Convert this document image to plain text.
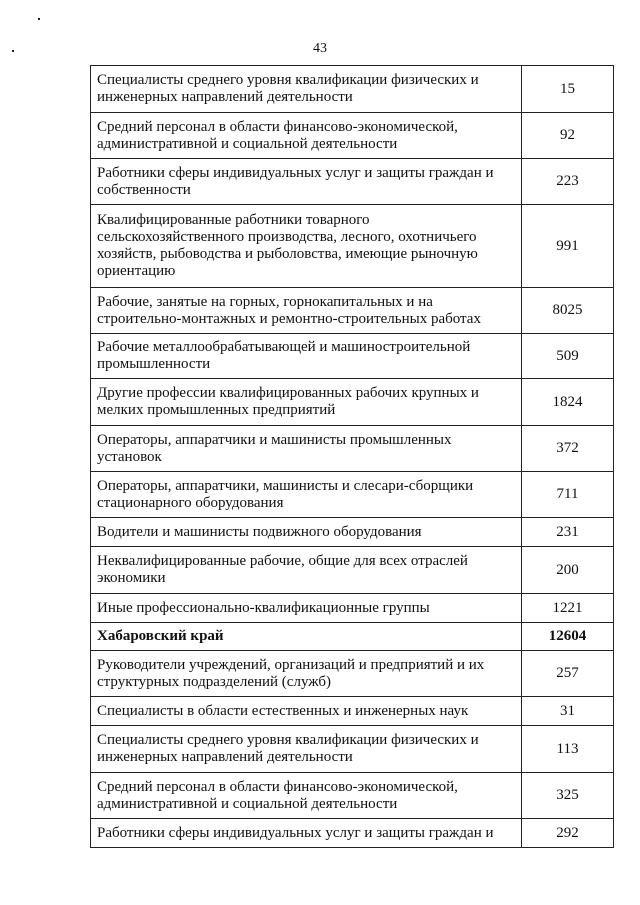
43
Специалисты среднего уровня квалификации физических и инженерных направлений деятельности	15
Средний персонал в области финансово-экономической, административной и социальной деятельности	92
Работники сферы индивидуальных услуг и защиты граждан и собственности	223
Квалифицированные работники товарного сельскохозяйственного производства, лесного, охотничьего хозяйств, рыбоводства и рыболовства, имеющие рыночную ориентацию	991
Рабочие, занятые на горных, горнокапитальных и на строительно-монтажных и ремонтно-строительных работах	8025
Рабочие металлообрабатывающей и машиностроительной промышленности	509
Другие профессии квалифицированных рабочих крупных и мелких промышленных предприятий	1824
Операторы, аппаратчики и машинисты промышленных установок	372
Операторы, аппаратчики, машинисты и слесари-сборщики стационарного оборудования	711
Водители и машинисты подвижного оборудования	231
Неквалифицированные рабочие, общие для всех отраслей экономики	200
Иные профессионально-квалификационные группы	1221
Хабаровский край	12604
Руководители учреждений, организаций и предприятий и их структурных подразделений (служб)	257
Специалисты в области естественных и инженерных наук	31
Специалисты среднего уровня квалификации физических и инженерных направлений деятельности	113
Средний персонал в области финансово-экономической, административной и социальной деятельности	325
Работники сферы индивидуальных услуг и защиты граждан и	292
